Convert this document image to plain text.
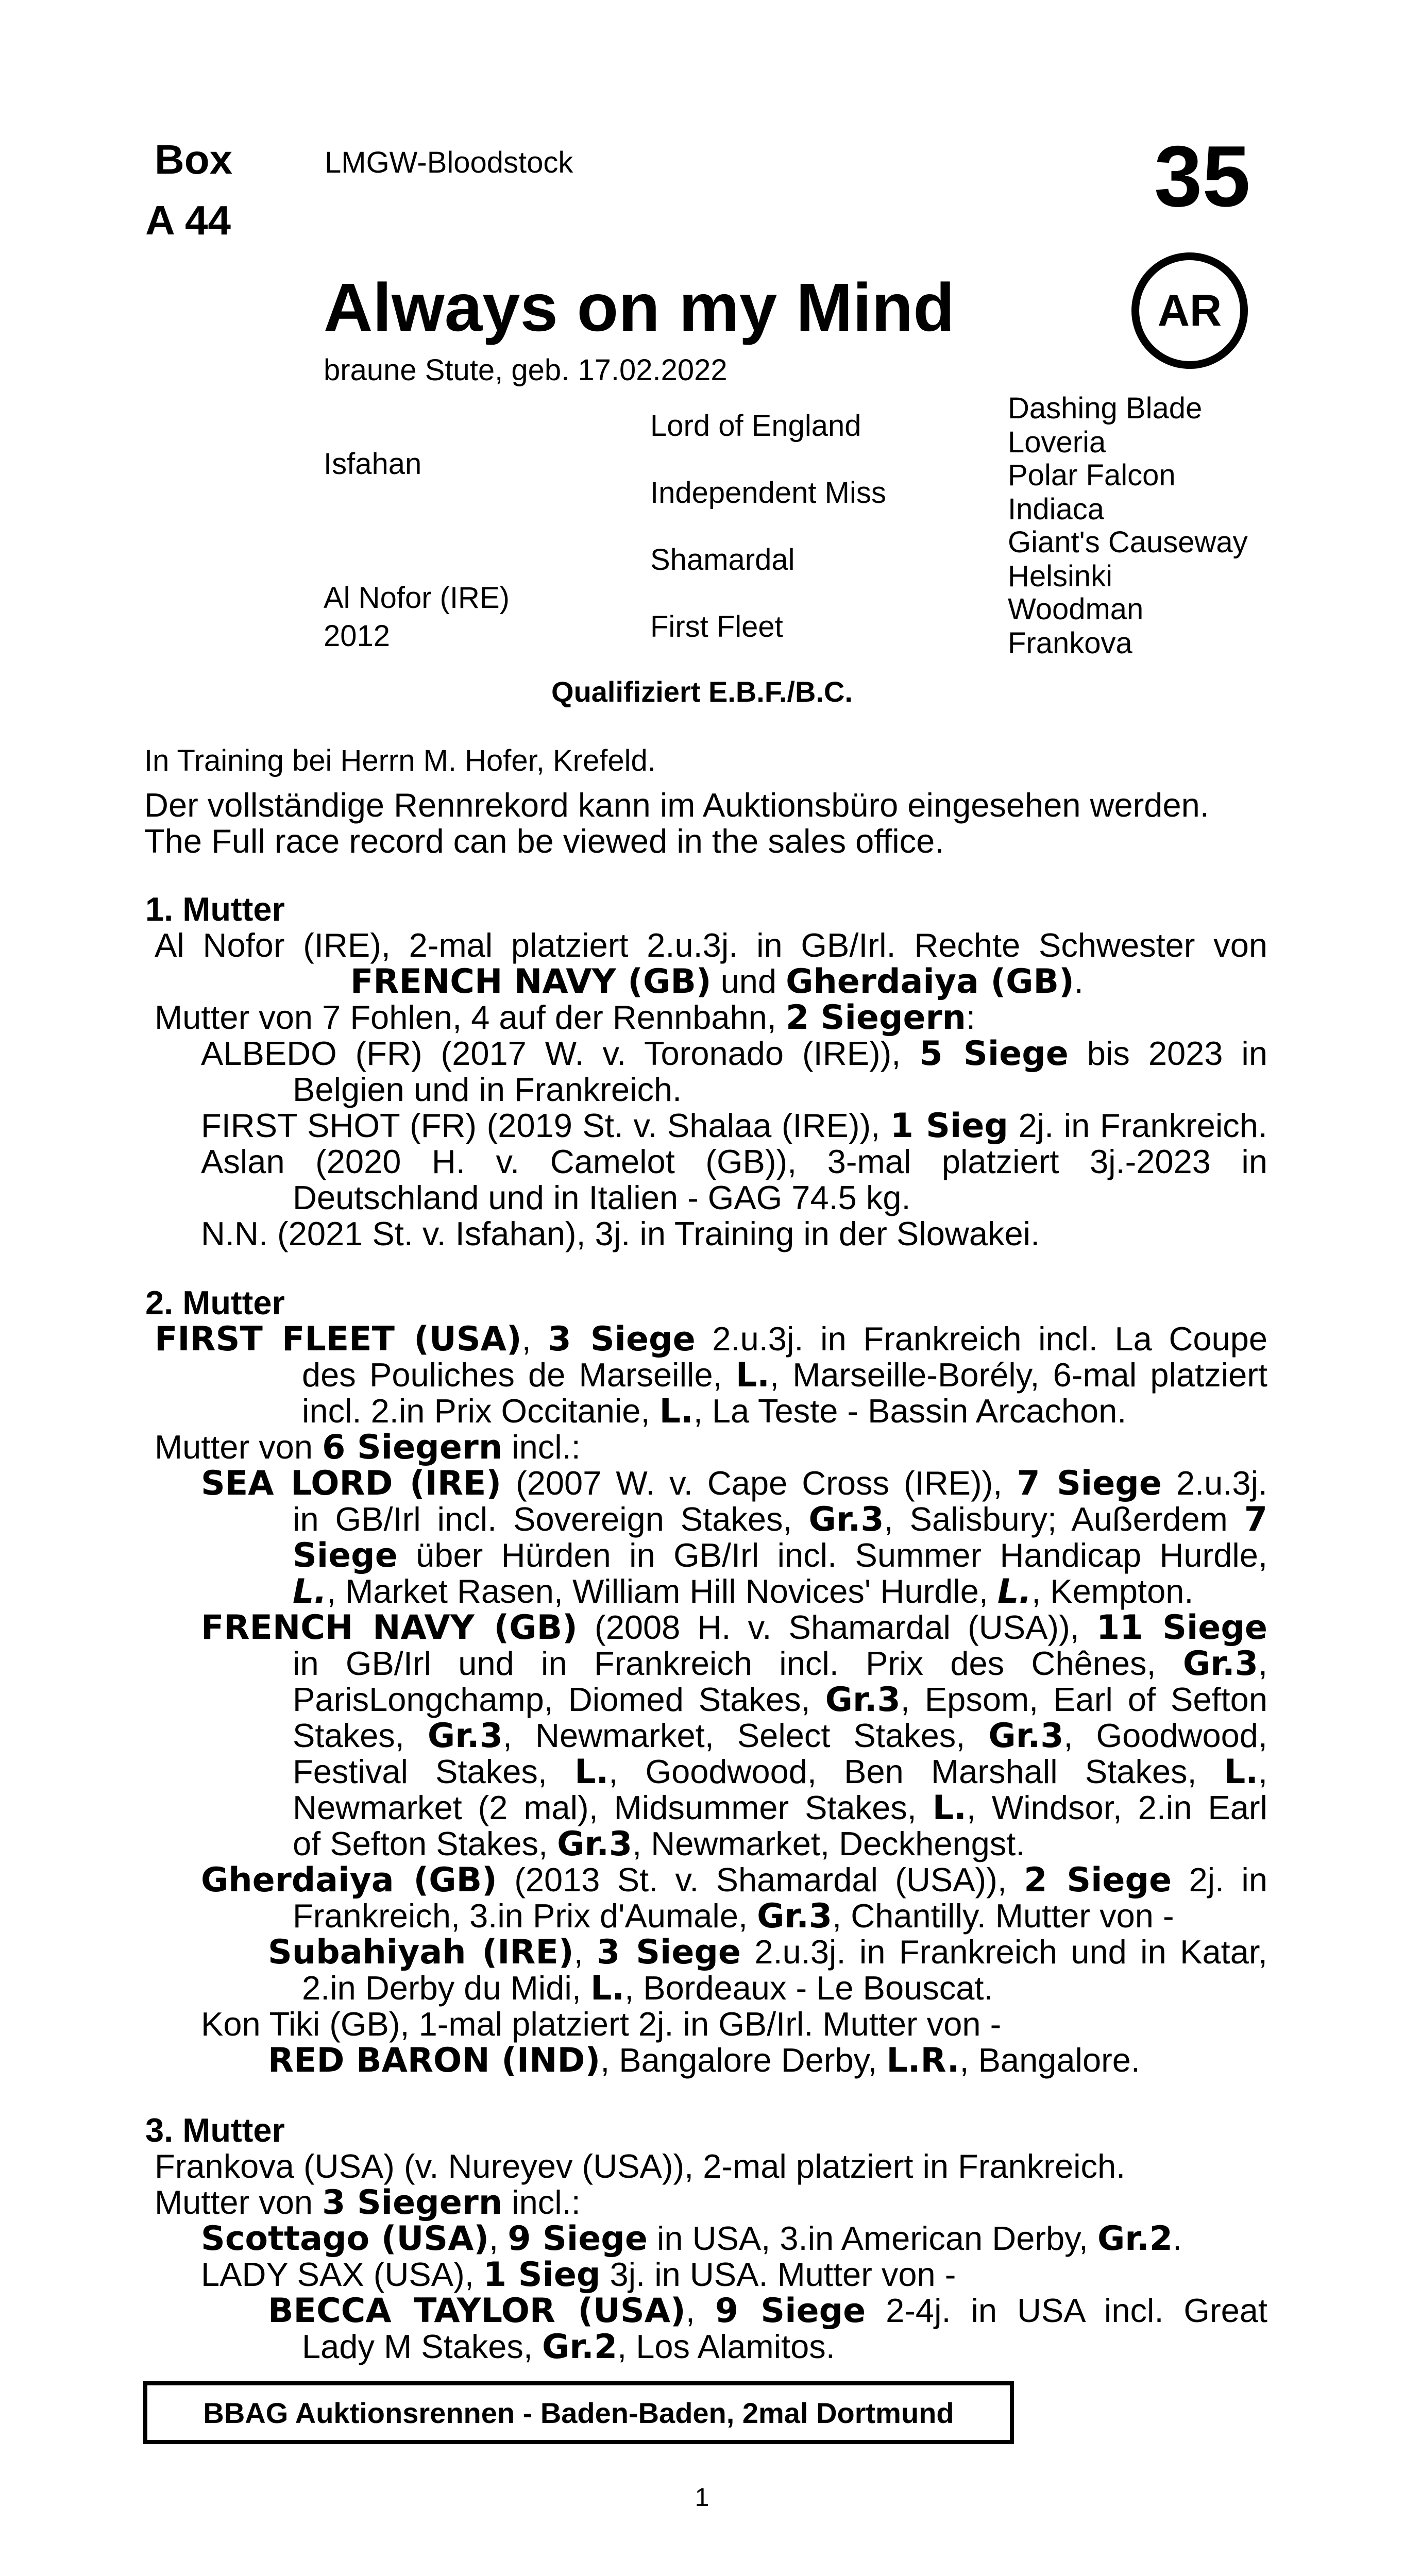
Box
A 44
LMGW-Bloodstock	35
AR
Always on my Mind
braune Stute, geb. 17.02.2022
Isfahan
Al Nofor (IRE)
2012
Lord of England
Independent Miss
Shamardal
First Fleet
Dashing Blade
Loveria
Polar Falcon
Indiaca
Giant's Causeway
Helsinki
Woodman
Frankova
Qualifiziert E.B.F./B.C.
In Training bei Herrn M. Hofer, Krefeld.
Der vollständige Rennrekord kann im Auktionsbüro eingesehen werden.
The Full race record can be viewed in the sales office.
1. Mutter
Al Nofor (IRE), 2-mal platziert 2.u.3j. in GB/Irl. Rechte Schwester von
FRENCH NAVY (GB) und Gherdaiya (GB).
Mutter von 7 Fohlen, 4 auf der Rennbahn, 2 Siegern:
ALBEDO (FR) (2017 W. v. Toronado (IRE)), 5 Siege bis 2023 in
Belgien und in Frankreich.
FIRST SHOT (FR) (2019 St. v. Shalaa (IRE)), 1 Sieg 2j. in Frankreich.
Aslan (2020 H. v. Camelot (GB)), 3-mal platziert 3j.-2023 in
Deutschland und in Italien - GAG 74.5 kg.
N.N. (2021 St. v. Isfahan), 3j. in Training in der Slowakei.
2. Mutter
FIRST FLEET (USA), 3 Siege 2.u.3j. in Frankreich incl. La Coupe
des Pouliches de Marseille, L., Marseille-Borély, 6-mal platziert
incl. 2.in Prix Occitanie, L., La Teste - Bassin Arcachon.
Mutter von 6 Siegern incl.:
SEA LORD (IRE) (2007 W. v. Cape Cross (IRE)), 7 Siege 2.u.3j.
in GB/Irl incl. Sovereign Stakes, Gr.3, Salisbury; Außerdem 7
Siege über Hürden in GB/Irl incl. Summer Handicap Hurdle,
L., Market Rasen, William Hill Novices' Hurdle, L., Kempton.
FRENCH NAVY (GB) (2008 H. v. Shamardal (USA)), 11 Siege
in GB/Irl und in Frankreich incl. Prix des Chênes, Gr.3,
ParisLongchamp, Diomed Stakes, Gr.3, Epsom, Earl of Sefton
Stakes, Gr.3, Newmarket, Select Stakes, Gr.3, Goodwood,
Festival Stakes, L., Goodwood, Ben Marshall Stakes, L.,
Newmarket (2 mal), Midsummer Stakes, L., Windsor, 2.in Earl
of Sefton Stakes, Gr.3, Newmarket, Deckhengst.
Gherdaiya (GB) (2013 St. v. Shamardal (USA)), 2 Siege 2j. in
Frankreich, 3.in Prix d'Aumale, Gr.3, Chantilly. Mutter von -
Subahiyah (IRE), 3 Siege 2.u.3j. in Frankreich und in Katar,
2.in Derby du Midi, L., Bordeaux - Le Bouscat.
Kon Tiki (GB), 1-mal platziert 2j. in GB/Irl. Mutter von -
RED BARON (IND), Bangalore Derby, L.R., Bangalore.
3. Mutter
Frankova (USA) (v. Nureyev (USA)), 2-mal platziert in Frankreich.
Mutter von 3 Siegern incl.:
Scottago (USA), 9 Siege in USA, 3.in American Derby, Gr.2.
LADY SAX (USA), 1 Sieg 3j. in USA. Mutter von -
BECCA TAYLOR (USA), 9 Siege 2-4j. in USA incl. Great
Lady M Stakes, Gr.2, Los Alamitos.
BBAG Auktionsrennen - Baden-Baden, 2mal Dortmund
1
